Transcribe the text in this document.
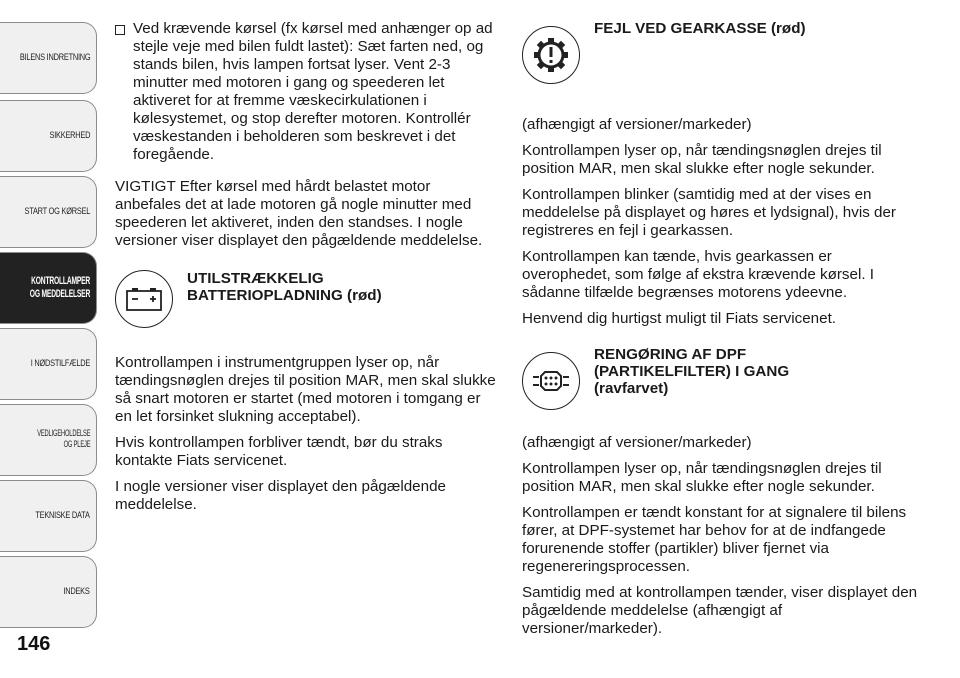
BILENS INDRETNING
SIKKERHED
START OG KØRSEL
KONTROLLAMPER
OG MEDDELELSER
I NØDSTILFÆLDE
VEDLIGEHOLDELSE
OG PLEJE
TEKNISKE DATA
INDEKS
146

Ved krævende kørsel (fx kørsel med anhænger op ad stejle veje med bilen fuldt lastet): Sæt farten ned, og stands bilen, hvis lampen fortsat lyser. Vent 2-3 minutter med motoren i gang og speederen let aktiveret for at fremme væskecirkulationen i kølesystemet, og stop derefter motoren. Kontrollér væskestanden i beholderen som beskrevet i det foregående.

VIGTIGT Efter kørsel med hårdt belastet motor anbefales det at lade motoren gå nogle minutter med speederen let aktiveret, inden den standses. I nogle versioner viser displayet den pågældende meddelelse.

UTILSTRÆKKELIG
BATTERIOPLADNING (rød)

Kontrollampen i instrumentgruppen lyser op, når tændingsnøglen drejes til position MAR, men skal slukke så snart motoren er startet (med motoren i tomgang er en let forsinket slukning acceptabel).

Hvis kontrollampen forbliver tændt, bør du straks kontakte Fiats servicenet.

I nogle versioner viser displayet den pågældende meddelelse.

FEJL VED GEARKASSE (rød)

(afhængigt af versioner/markeder)

Kontrollampen lyser op, når tændingsnøglen drejes til position MAR, men skal slukke efter nogle sekunder.

Kontrollampen blinker (samtidig med at der vises en meddelelse på displayet og høres et lydsignal), hvis der registreres en fejl i gearkassen.

Kontrollampen kan tænde, hvis gearkassen er overophedet, som følge af ekstra krævende kørsel. I sådanne tilfælde begrænses motorens ydeevne.

Henvend dig hurtigst muligt til Fiats servicenet.

RENGØRING AF DPF
(PARTIKELFILTER) I GANG
(ravfarvet)

(afhængigt af versioner/markeder)

Kontrollampen lyser op, når tændingsnøglen drejes til position MAR, men skal slukke efter nogle sekunder.

Kontrollampen er tændt konstant for at signalere til bilens fører, at DPF-systemet har behov for at de indfangede forurenende stoffer (partikler) bliver fjernet via regenereringsprocessen.

Samtidig med at kontrollampen tænder, viser displayet den pågældende meddelelse (afhængigt af versioner/markeder).
